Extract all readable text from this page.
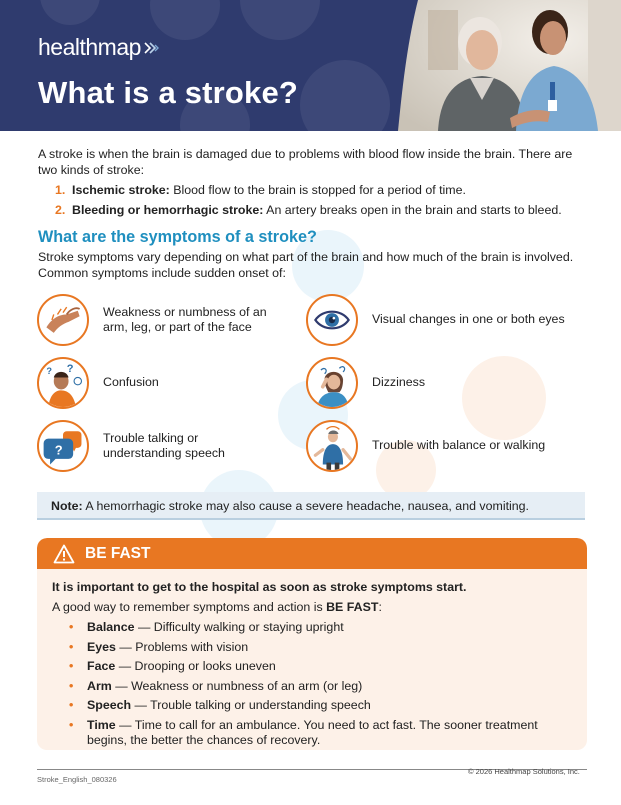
healthmap
What is a stroke?

A stroke is when the brain is damaged due to problems with blood flow inside the brain. There are two kinds of stroke:

1. Ischemic stroke: Blood flow to the brain is stopped for a period of time.
2. Bleeding or hemorrhagic stroke: An artery breaks open in the brain and starts to bleed.
What are the symptoms of a stroke?

Stroke symptoms vary depending on what part of the brain and how much of the brain is involved. Common symptoms include sudden onset of:

Weakness or numbness of an arm, leg, or part of the face
Visual changes in one or both eyes
? ?
Confusion	Dizziness
?
Trouble talking or understanding speech
Trouble with balance or walking
Note: A hemorrhagic stroke may also cause a severe headache, nausea, and vomiting.
BE FAST
It is important to get to the hospital as soon as stroke symptoms start.
A good way to remember symptoms and action is BE FAST:
• Balance — Difficulty walking or staying upright
• Eyes — Problems with vision
• Face — Drooping or looks uneven
• Arm — Weakness or numbness of an arm (or leg)
• Speech — Trouble talking or understanding speech
• Time — Time to call for an ambulance. You need to act fast. The sooner treatment begins, the better the chances of recovery.
Stroke_English_080326
© 2026 Healthmap Solutions, Inc.
